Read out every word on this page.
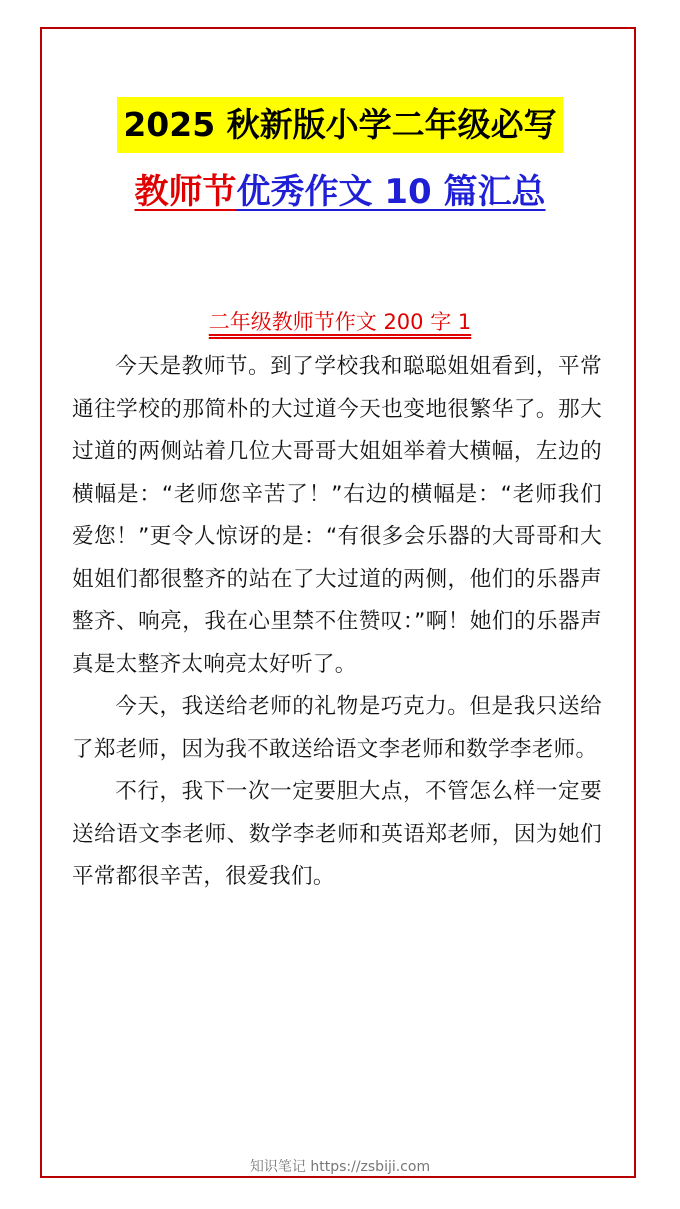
2025 秋新版小学二年级必写
教师节优秀作文 10 篇汇总
二年级教师节作文 200 字 1

今天是教师节。到了学校我和聪聪姐姐看到，平常通往学校的那简朴的大过道今天也变地很繁华了。那大过道的两侧站着几位大哥哥大姐姐举着大横幅，左边的横幅是：“老师您辛苦了！”右边的横幅是：“老师我们爱您！”更令人惊讶的是：“有很多会乐器的大哥哥和大姐姐们都很整齐的站在了大过道的两侧，他们的乐器声整齐、响亮，我在心里禁不住赞叹：”啊！她们的乐器声真是太整齐太响亮太好听了。

今天，我送给老师的礼物是巧克力。但是我只送给了郑老师，因为我不敢送给语文李老师和数学李老师。

不行，我下一次一定要胆大点，不管怎么样一定要送给语文李老师、数学李老师和英语郑老师，因为她们平常都很辛苦，很爱我们。

知识笔记 https://zsbiji.com
